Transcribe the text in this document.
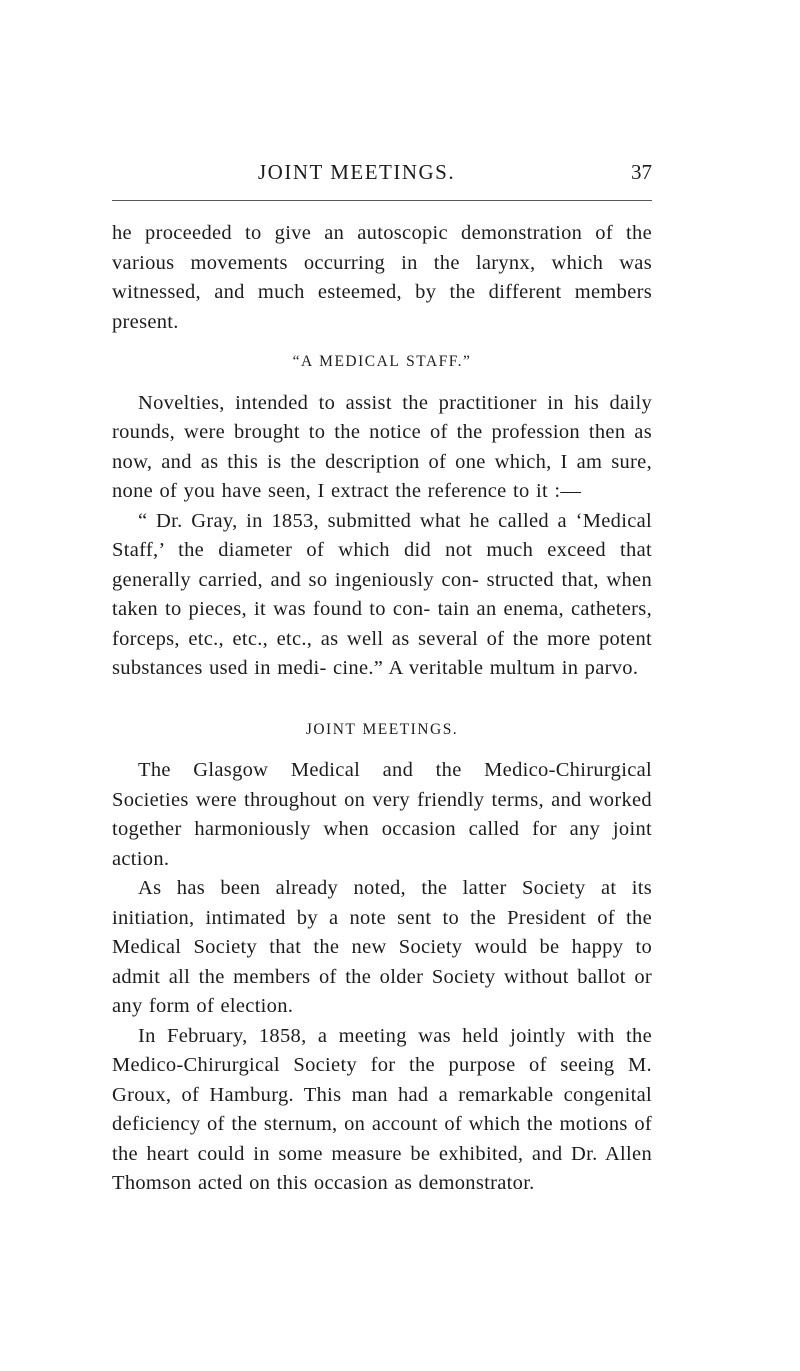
JOINT MEETINGS.	37

he proceeded to give an autoscopic demonstration of the various movements occurring in the larynx, which was witnessed, and much esteemed, by the different members present.

“A MEDICAL STAFF.”

Novelties, intended to assist the practitioner in his daily rounds, were brought to the notice of the profession then as now, and as this is the description of one which, I am sure, none of you have seen, I extract the reference to it :—

“ Dr. Gray, in 1853, submitted what he called a ‘Medical Staff,’ the diameter of which did not much exceed that generally carried, and so ingeniously con- structed that, when taken to pieces, it was found to con- tain an enema, catheters, forceps, etc., etc., etc., as well as several of the more potent substances used in medi- cine.” A veritable multum in parvo.

JOINT MEETINGS.

The Glasgow Medical and the Medico-Chirurgical Societies were throughout on very friendly terms, and worked together harmoniously when occasion called for any joint action.

As has been already noted, the latter Society at its initiation, intimated by a note sent to the President of the Medical Society that the new Society would be happy to admit all the members of the older Society without ballot or any form of election.

In February, 1858, a meeting was held jointly with the Medico-Chirurgical Society for the purpose of seeing M. Groux, of Hamburg. This man had a remarkable congenital deficiency of the sternum, on account of which the motions of the heart could in some measure be exhibited, and Dr. Allen Thomson acted on this occasion as demonstrator.
